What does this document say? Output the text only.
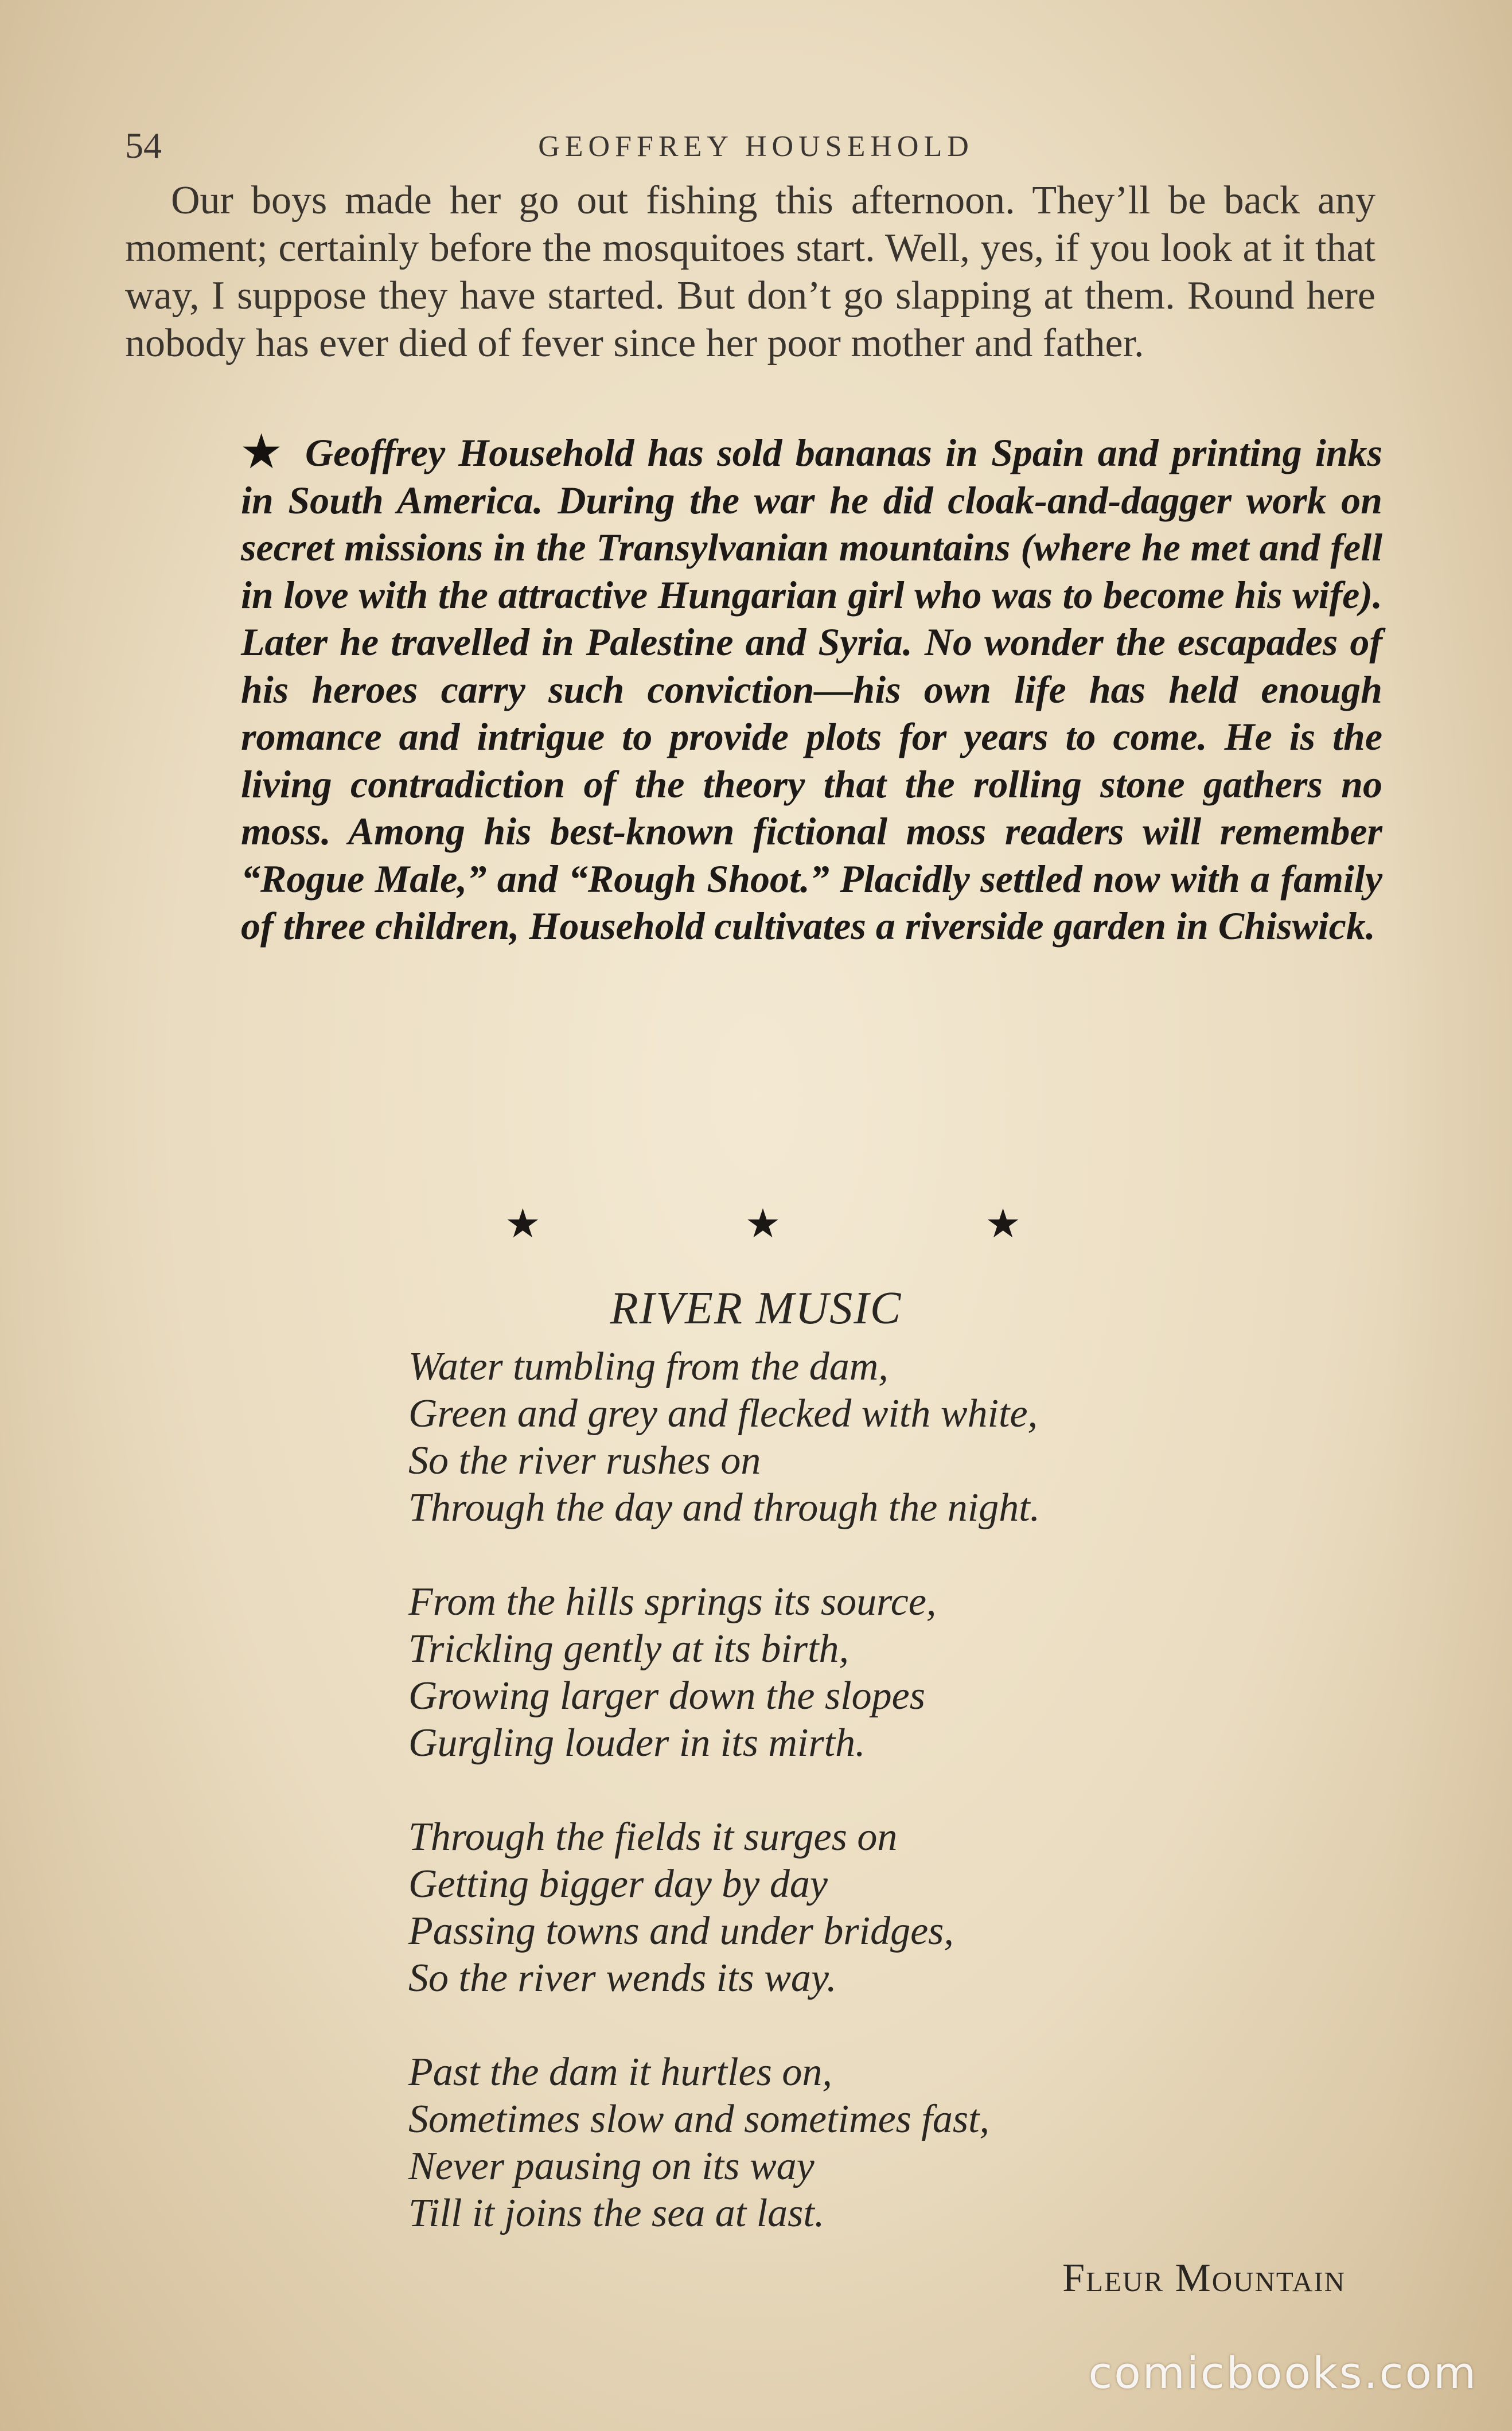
54	GEOFFREY HOUSEHOLD

Our boys made her go out fishing this afternoon. They’ll be back any moment; certainly before the mosquitoes start. Well, yes, if you look at it that way, I suppose they have started. But don’t go slapping at them. Round here nobody has ever died of fever since her poor mother and father.

★ Geoffrey Household has sold bananas in Spain and printing inks in South America. During the war he did cloak-and-dagger work on secret missions in the Transylvanian mountains (where he met and fell in love with the attractive Hungarian girl who was to become his wife). Later he travelled in Palestine and Syria. No wonder the escapades of his heroes carry such conviction—his own life has held enough romance and intrigue to provide plots for years to come. He is the living contradiction of the theory that the rolling stone gathers no moss. Among his best-known fictional moss readers will remember “Rogue Male,” and “Rough Shoot.” Placidly settled now with a family of three children, Household cultivates a riverside garden in Chiswick.

★	★	★
RIVER MUSIC
Water tumbling from the dam,
Green and grey and flecked with white,
So the river rushes on
Through the day and through the night.
From the hills springs its source,
Trickling gently at its birth,
Growing larger down the slopes
Gurgling louder in its mirth.
Through the fields it surges on
Getting bigger day by day
Passing towns and under bridges,
So the river wends its way.
Past the dam it hurtles on,
Sometimes slow and sometimes fast,
Never pausing on its way
Till it joins the sea at last.
Fleur Mountain
comicbooks.com
